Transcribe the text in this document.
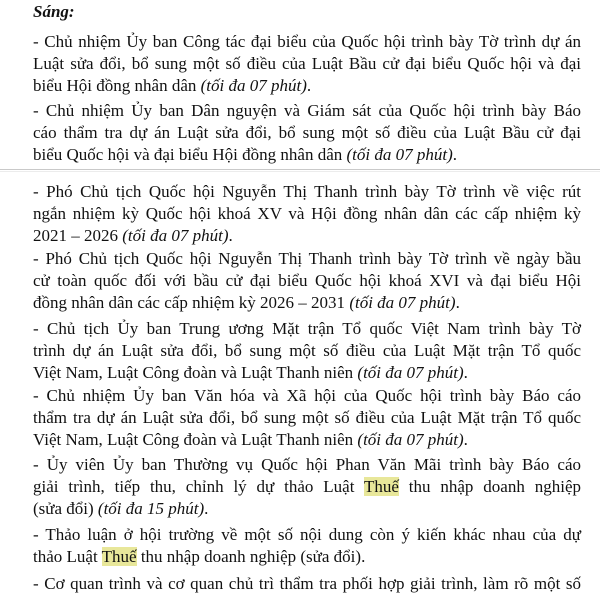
Sáng:
- Chủ nhiệm Ủy ban Công tác đại biểu của Quốc hội trình bày Tờ trình dự án
Luật sửa đổi, bổ sung một số điều của Luật Bầu cử đại biểu Quốc hội và đại
biểu Hội đồng nhân dân (tối đa 07 phút).
- Chủ nhiệm Ủy ban Dân nguyện và Giám sát của Quốc hội trình bày Báo
cáo thẩm tra dự án Luật sửa đổi, bổ sung một số điều của Luật Bầu cử đại
biểu Quốc hội và đại biểu Hội đồng nhân dân (tối đa 07 phút).
- Phó Chủ tịch Quốc hội Nguyễn Thị Thanh trình bày Tờ trình về việc rút
ngắn nhiệm kỳ Quốc hội khoá XV và Hội đồng nhân dân các cấp nhiệm kỳ
2021 – 2026 (tối đa 07 phút).
- Phó Chủ tịch Quốc hội Nguyễn Thị Thanh trình bày Tờ trình về ngày bầu
cử toàn quốc đối với bầu cử đại biểu Quốc hội khoá XVI và đại biểu Hội
đồng nhân dân các cấp nhiệm kỳ 2026 – 2031 (tối đa 07 phút).
- Chủ tịch Ủy ban Trung ương Mặt trận Tổ quốc Việt Nam trình bày Tờ
trình dự án Luật sửa đổi, bổ sung một số điều của Luật Mặt trận Tổ quốc
Việt Nam, Luật Công đoàn và Luật Thanh niên (tối đa 07 phút).
- Chủ nhiệm Ủy ban Văn hóa và Xã hội của Quốc hội trình bày Báo cáo
thẩm tra dự án Luật sửa đổi, bổ sung một số điều của Luật Mặt trận Tổ quốc
Việt Nam, Luật Công đoàn và Luật Thanh niên (tối đa 07 phút).
- Ủy viên Ủy ban Thường vụ Quốc hội Phan Văn Mãi trình bày Báo cáo
giải trình, tiếp thu, chỉnh lý dự thảo Luật Thuế thu nhập doanh nghiệp
(sửa đổi) (tối đa 15 phút).
- Thảo luận ở hội trường về một số nội dung còn ý kiến khác nhau của dự
thảo Luật Thuế thu nhập doanh nghiệp (sửa đổi).
- Cơ quan trình và cơ quan chủ trì thẩm tra phối hợp giải trình, làm rõ một số
